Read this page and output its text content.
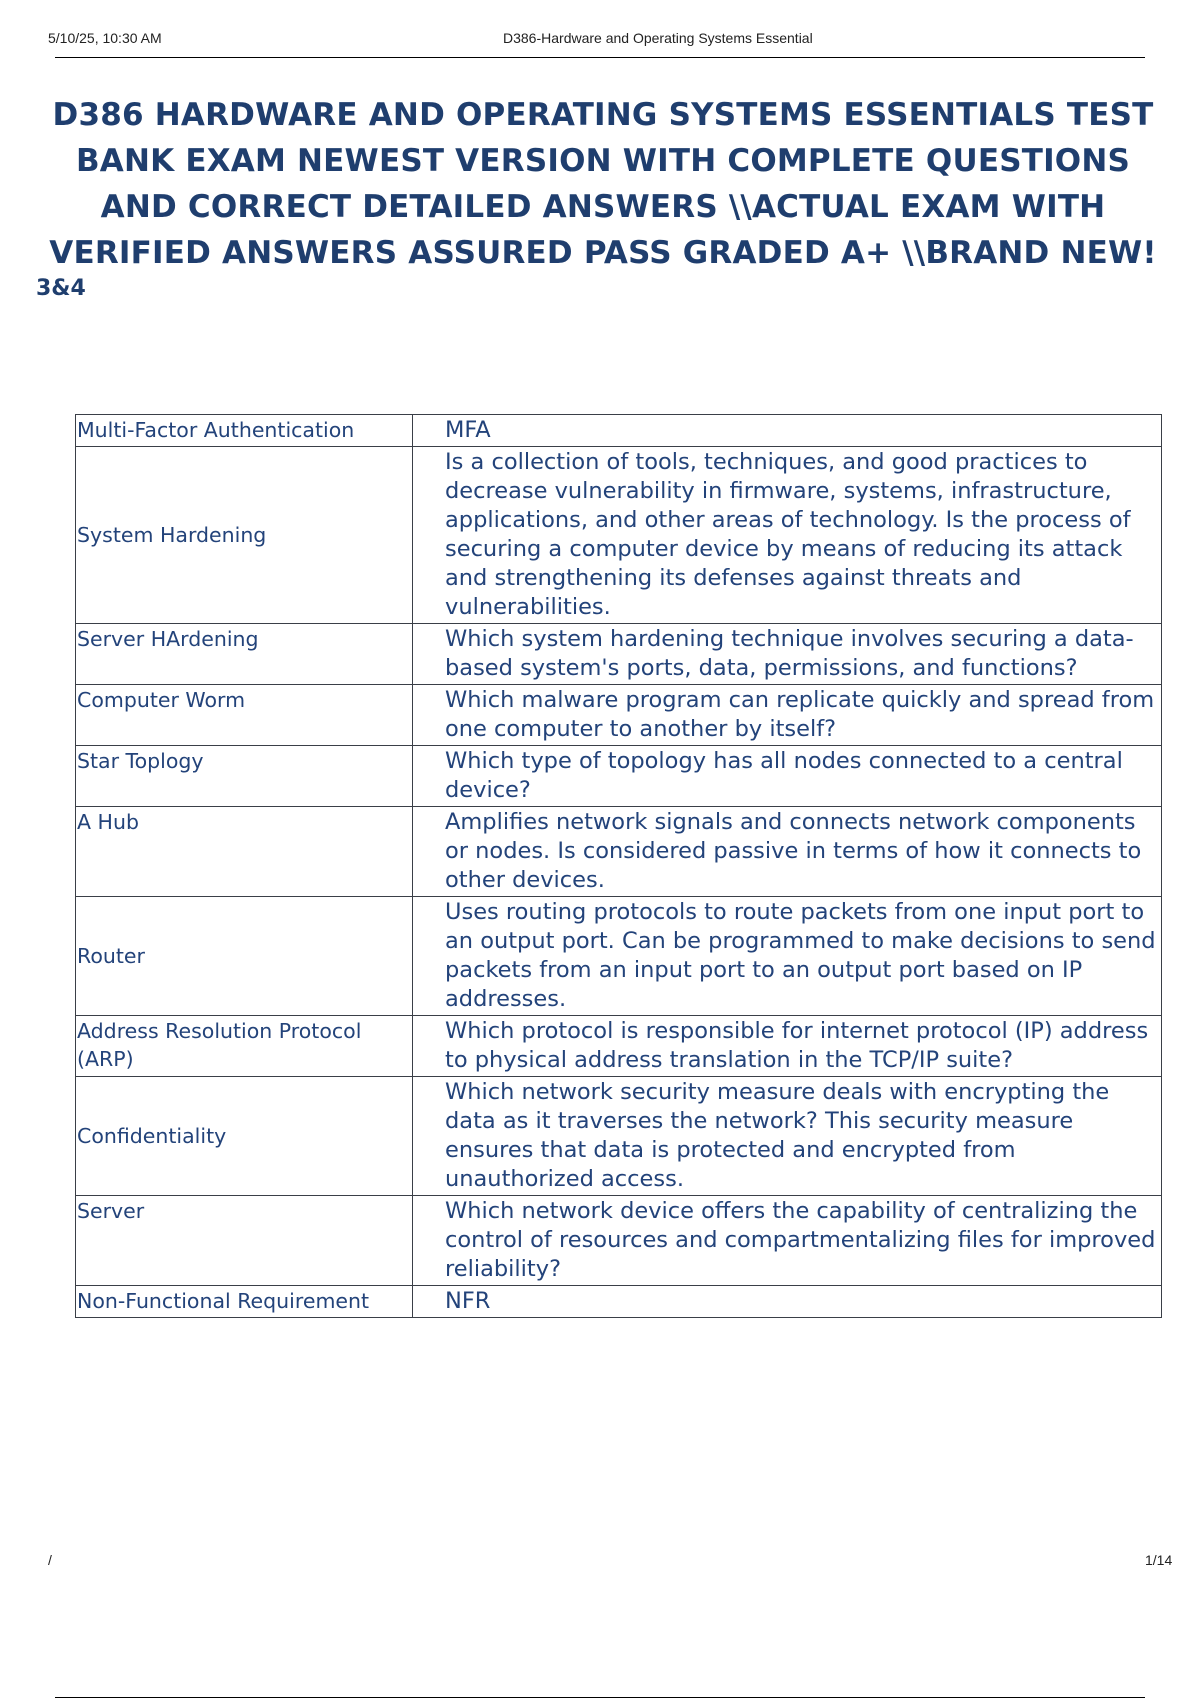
5/10/25, 10:30 AM	D386-Hardware and Operating Systems Essential
D386 HARDWARE AND OPERATING SYSTEMS ESSENTIALS TEST
BANK EXAM NEWEST VERSION WITH COMPLETE QUESTIONS
AND CORRECT DETAILED ANSWERS \\ACTUAL EXAM WITH
VERIFIED ANSWERS ASSURED PASS GRADED A+ \\BRAND NEW!
3&4
Multi-Factor Authentication	MFA
System Hardening	Is a collection of tools, techniques, and good practices to decrease vulnerability in firmware, systems, infrastructure, applications, and other areas of technology. Is the process of securing a computer device by means of reducing its attack and strengthening its defenses against threats and vulnerabilities.
Server HArdening	Which system hardening technique involves securing a data-based system's ports, data, permissions, and functions?
Computer Worm	Which malware program can replicate quickly and spread from one computer to another by itself?
Star Toplogy	Which type of topology has all nodes connected to a central device?
A Hub	Amplifies network signals and connects network components or nodes. Is considered passive in terms of how it connects to other devices.
Router	Uses routing protocols to route packets from one input port to an output port. Can be programmed to make decisions to send packets from an input port to an output port based on IP addresses.
Address Resolution Protocol (ARP)	Which protocol is responsible for internet protocol (IP) address to physical address translation in the TCP/IP suite?
Confidentiality	Which network security measure deals with encrypting the data as it traverses the network? This security measure ensures that data is protected and encrypted from unauthorized access.
Server	Which network device offers the capability of centralizing the control of resources and compartmentalizing files for improved reliability?
Non-Functional Requirement	NFR
/	1/14
